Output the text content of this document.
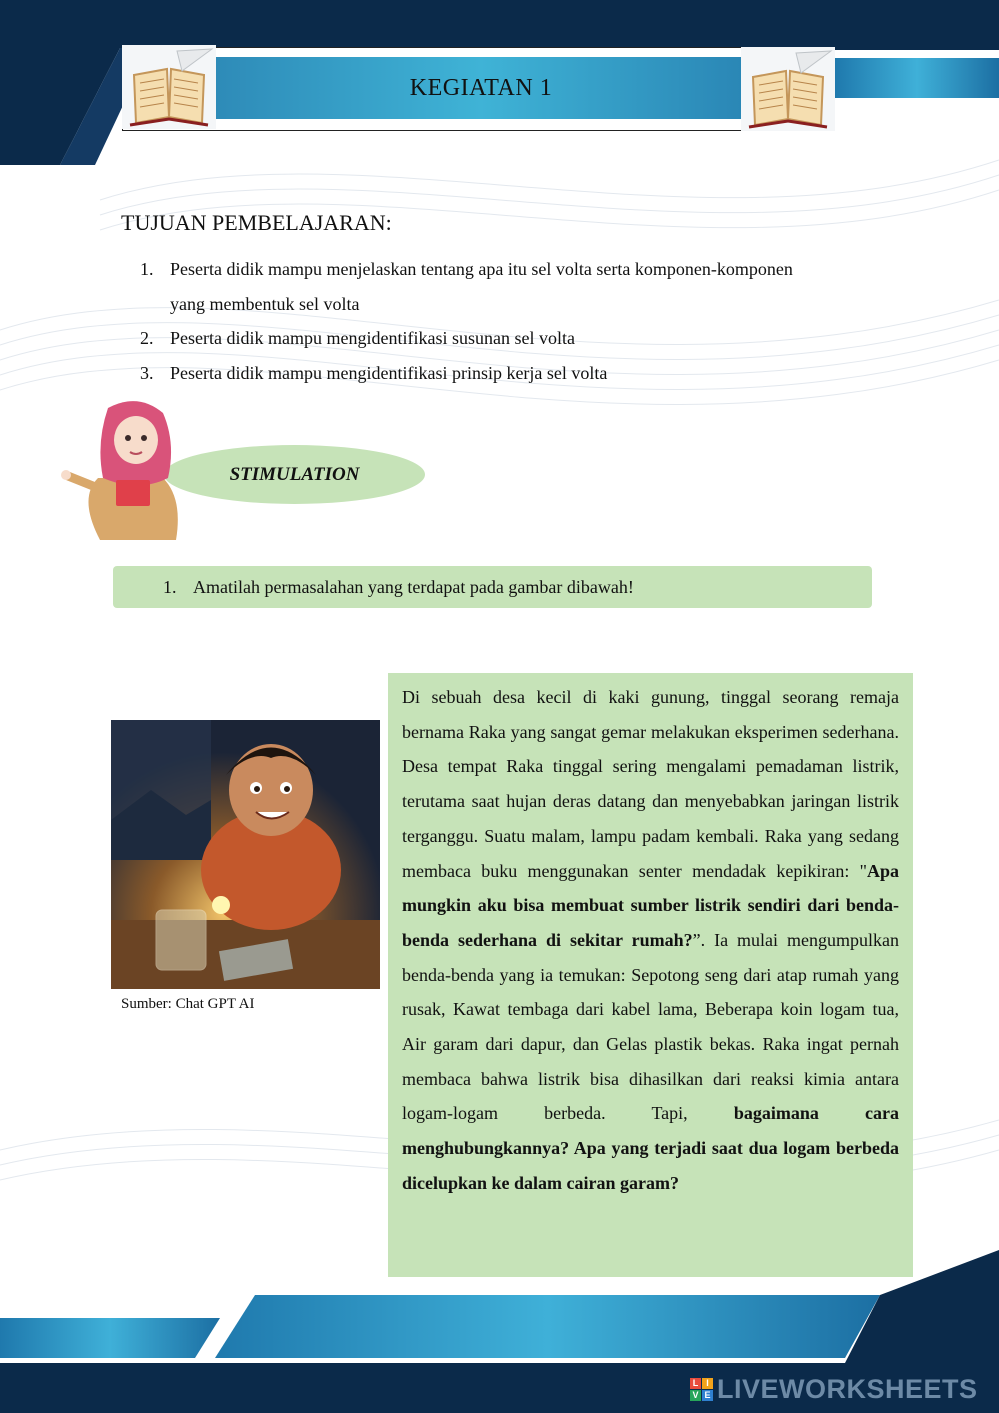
KEGIATAN 1
TUJUAN PEMBELAJARAN:
1. Peserta didik mampu menjelaskan tentang apa itu sel volta serta komponen-komponen
yang membentuk sel volta
2. Peserta didik mampu mengidentifikasi susunan sel volta
3. Peserta didik mampu mengidentifikasi prinsip kerja sel volta
STIMULATION
1. Amatilah permasalahan yang terdapat pada gambar dibawah!
Sumber: Chat GPT AI

Di sebuah desa kecil di kaki gunung, tinggal seorang remaja bernama Raka yang sangat gemar melakukan eksperimen sederhana. Desa tempat Raka tinggal sering mengalami pemadaman listrik, terutama saat hujan deras datang dan menyebabkan jaringan listrik terganggu. Suatu malam, lampu padam kembali. Raka yang sedang membaca buku menggunakan senter mendadak kepikiran: "Apa mungkin aku bisa membuat sumber listrik sendiri dari benda-benda sederhana di sekitar rumah?”. Ia mulai mengumpulkan benda-benda yang ia temukan: Sepotong seng dari atap rumah yang rusak, Kawat tembaga dari kabel lama, Beberapa koin logam tua, Air garam dari dapur, dan Gelas plastik bekas. Raka ingat pernah membaca bahwa listrik bisa dihasilkan dari reaksi kimia antara logam-logam berbeda. Tapi, bagaimana cara menghubungkannya? Apa yang terjadi saat dua logam berbeda dicelupkan ke dalam cairan garam?

L I
V E LIVEWORKSHEETS
